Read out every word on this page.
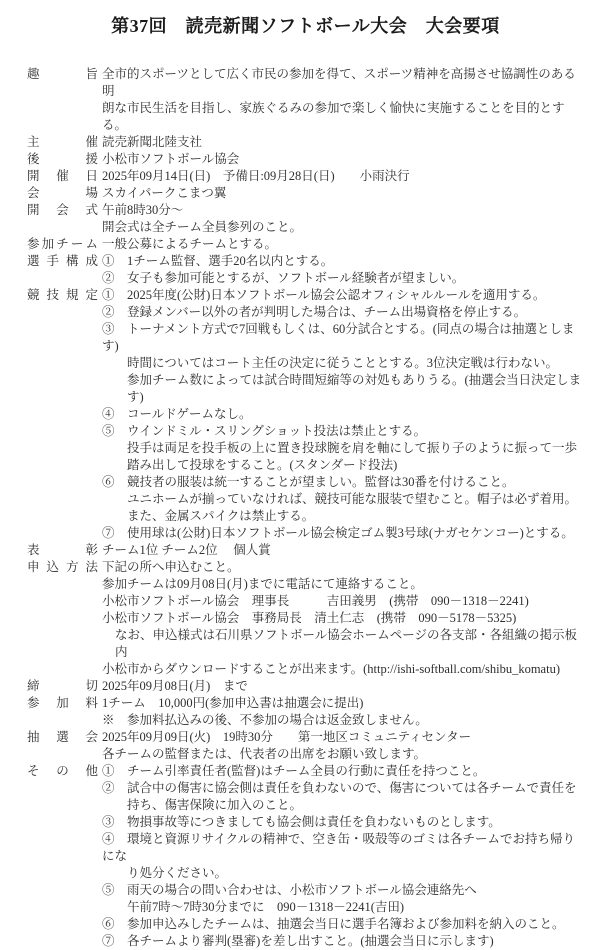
第37回　読売新聞ソフトボール大会　大会要項
趣	旨 全市的スポーツとして広く市民の参加を得て、スポーツ精神を高揚させ協調性のある明
朗な市民生活を目指し、家族ぐるみの参加で楽しく愉快に実施することを目的とする。
主	催 読売新聞北陸支社
後	援 小松市ソフトボール協会
開 催 日 2025年09月14日(日)　予備日:09月28日(日)　　小雨決行
会	場 スカイパークこまつ翼
開 会 式 午前8時30分～
開会式は全チーム全員参列のこと。
参 加 チ ー ム 一般公募によるチームとする。
選 手 構 成 ①　1チーム監督、選手20名以内とする。
②　女子も参加可能とするが、ソフトボール経験者が望ましい。
競 技 規 定 ①　2025年度(公財)日本ソフトボール協会公認オフィシャルルールを適用する。
②　登録メンバー以外の者が判明した場合は、チーム出場資格を停止する。
③　トーナメント方式で7回戦もしくは、60分試合とする。(同点の場合は抽選とします)
時間についてはコート主任の決定に従うこととする。3位決定戦は行わない。
参加チーム数によっては試合時間短縮等の対処もありうる。(抽選会当日決定します)
④　コールドゲームなし。
⑤　ウインドミル・スリングショット投法は禁止とする。
投手は両足を投手板の上に置き投球腕を肩を軸にして振り子のように振って一歩
踏み出して投球をすること。(スタンダード投法)
⑥　競技者の服装は統一することが望ましい。監督は30番を付けること。
ユニホームが揃っていなければ、競技可能な服装で望むこと。帽子は必ず着用。
また、金属スパイクは禁止する。
⑦　使用球は(公財)日本ソフトボール協会検定ゴム製3号球(ナガセケンコー)とする。
表	彰 チーム1位 チーム2位　 個人賞
申 込 方 法 下記の所へ申込むこと。
参加チームは09月08日(月)までに電話にて連絡すること。
小松市ソフトボール協会　理事長　　　吉田義男　(携帯　090－1318－2241)
小松市ソフトボール協会　事務局長　清土仁志　(携帯　090－5178－5325)
なお、申込様式は石川県ソフトボール協会ホームページの各支部・各組織の掲示板内
小松市からダウンロードすることが出来ます。(http://ishi-softball.com/shibu_komatu)
締	切 2025年09月08日(月)　まで
参 加 料 1チーム　10,000円(参加申込書は抽選会に提出)
※　参加料払込みの後、不参加の場合は返金致しません。
抽 選 会 2025年09月09日(火)　19時30分　　第一地区コミュニティセンター
各チームの監督または、代表者の出席をお願い致します。
そ の 他 ①　チーム引率責任者(監督)はチーム全員の行動に責任を持つこと。
②　試合中の傷害に協会側は責任を負わないので、傷害については各チームで責任を
持ち、傷害保険に加入のこと。
③　物損事故等につきましても協会側は責任を負わないものとします。
④　環境と資源リサイクルの精神で、空き缶・吸殻等のゴミは各チームでお持ち帰りにな
り処分ください。
⑤　雨天の場合の問い合わせは、小松市ソフトボール協会連絡先へ
午前7時～7時30分までに　090－1318－2241(吉田)
⑥　参加申込みしたチームは、抽選会当日に選手名簿および参加料を納入のこと。
⑦　各チームより審判(塁審)を差し出すこと。(抽選会当日に示します)
